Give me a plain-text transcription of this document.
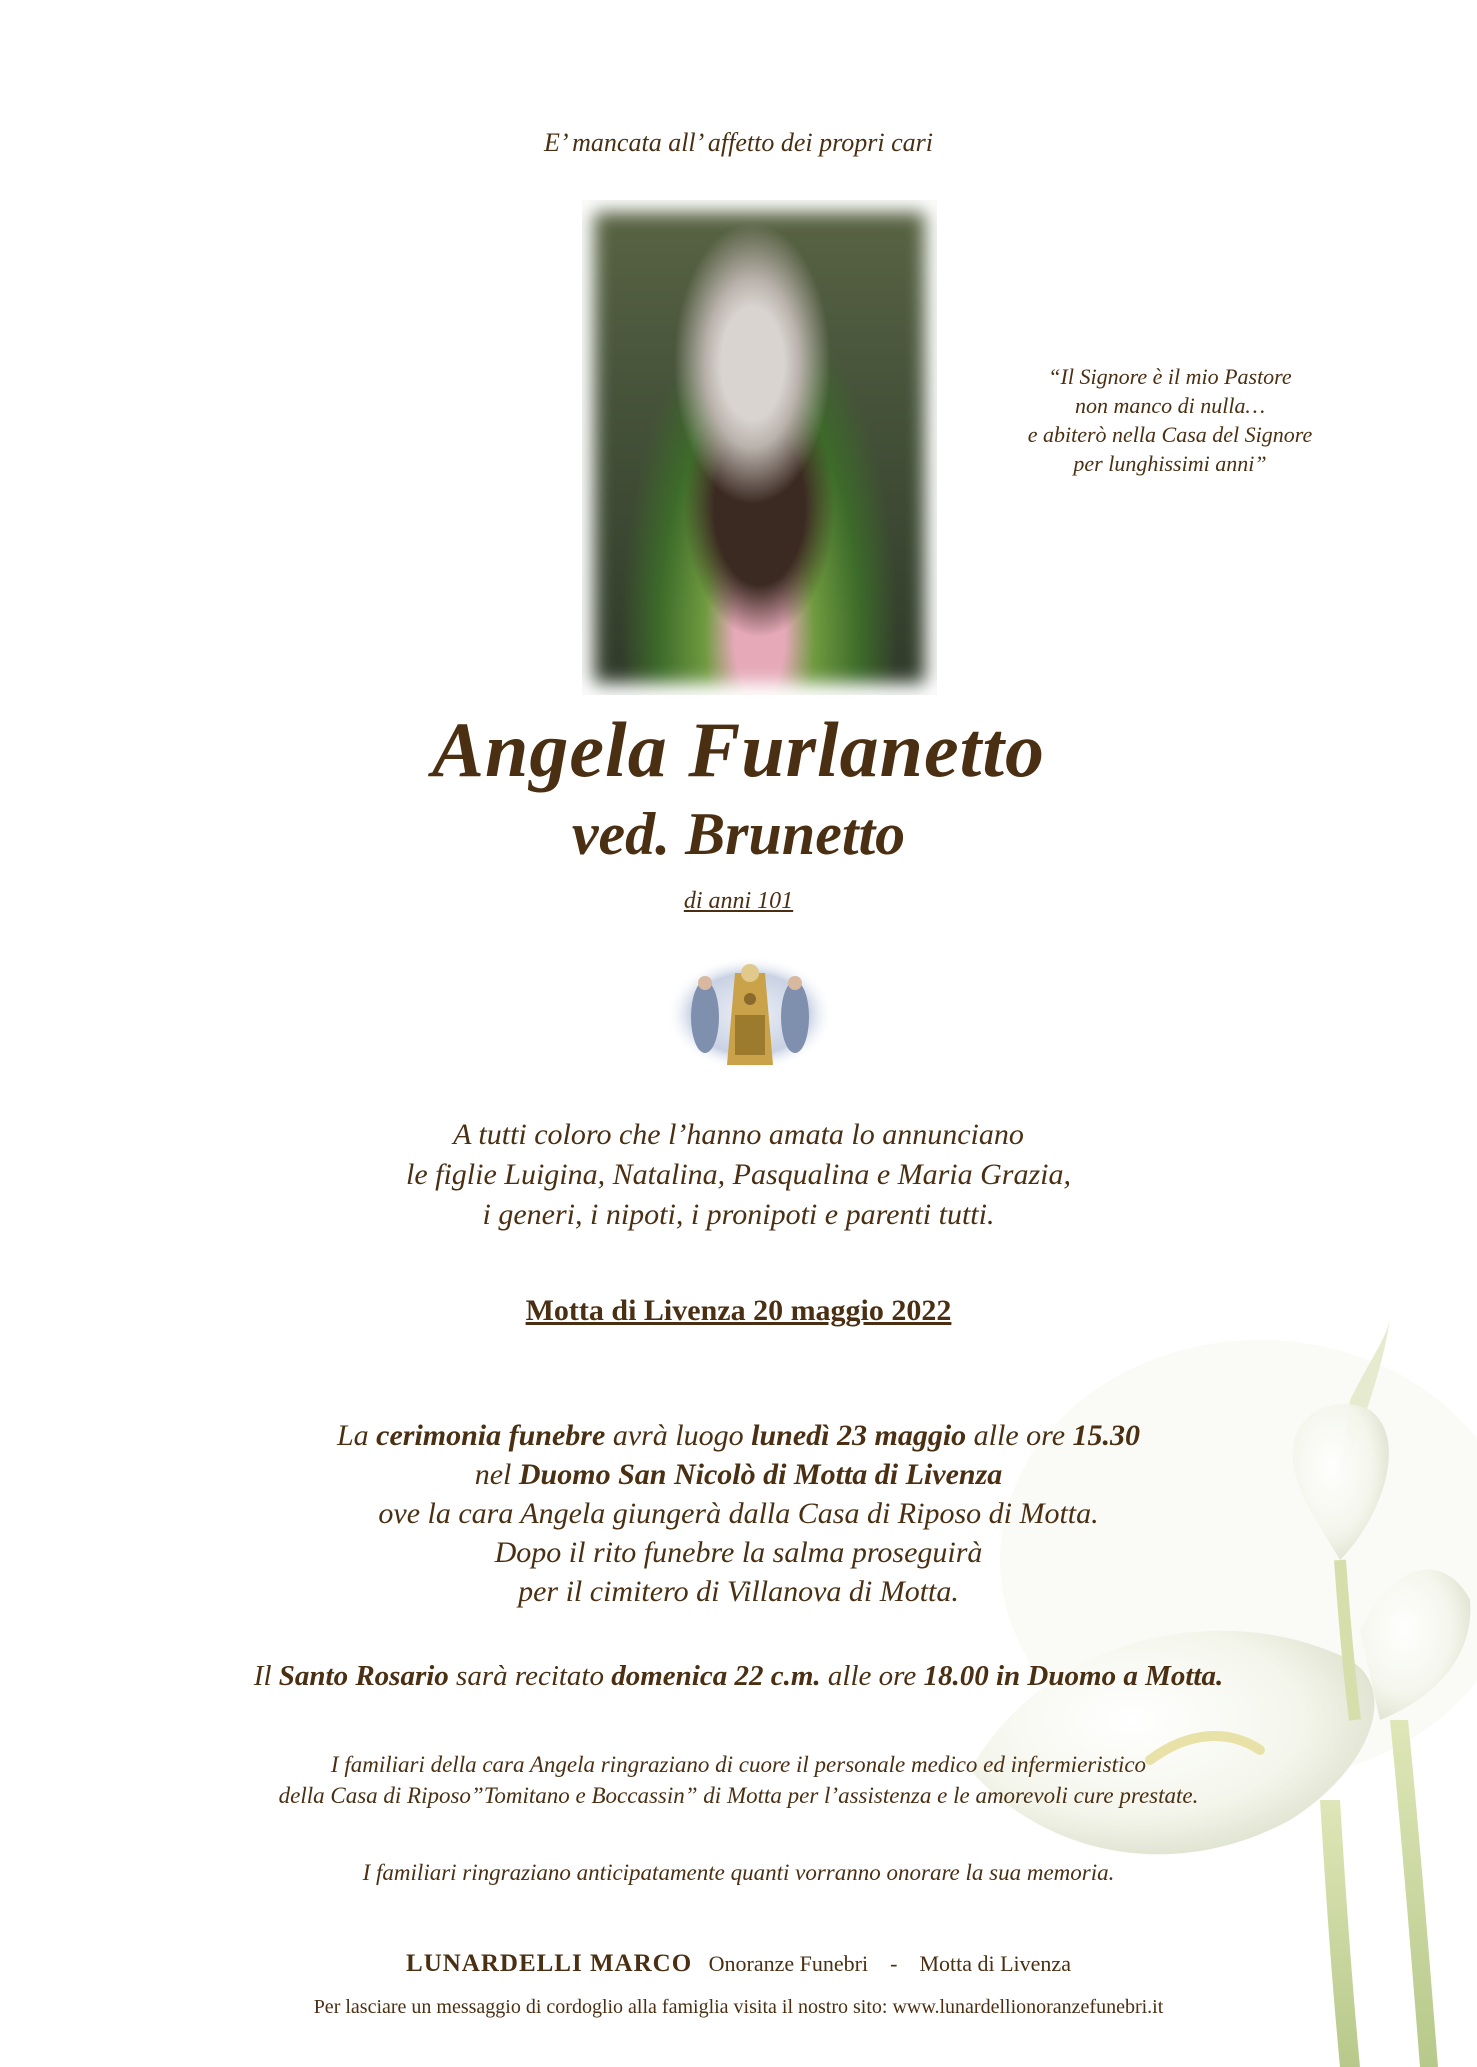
E’ mancata all’ affetto dei propri cari
“Il Signore è il mio Pastore
non manco di nulla…
e abiterò nella Casa del Signore
per lunghissimi anni”
Angela Furlanetto
ved. Brunetto
di anni 101
A tutti coloro che l’hanno amata lo annunciano
le figlie Luigina, Natalina, Pasqualina e Maria Grazia,
i generi, i nipoti, i pronipoti e parenti tutti.
Motta di Livenza 20 maggio 2022
La cerimonia funebre avrà luogo lunedì 23 maggio alle ore 15.30
nel Duomo San Nicolò di Motta di Livenza
ove la cara Angela giungerà dalla Casa di Riposo di Motta.
Dopo il rito funebre la salma proseguirà
per il cimitero di Villanova di Motta.
Il Santo Rosario sarà recitato domenica 22 c.m. alle ore 18.00 in Duomo a Motta.
I familiari della cara Angela ringraziano di cuore il personale medico ed infermieristico
della Casa di Riposo”Tomitano e Boccassin” di Motta per l’assistenza e le amorevoli cure prestate.
I familiari ringraziano anticipatamente quanti vorranno onorare la sua memoria.
LUNARDELLI MARCO Onoranze Funebri - Motta di Livenza
Per lasciare un messaggio di cordoglio alla famiglia visita il nostro sito: www.lunardellionoranzefunebri.it
